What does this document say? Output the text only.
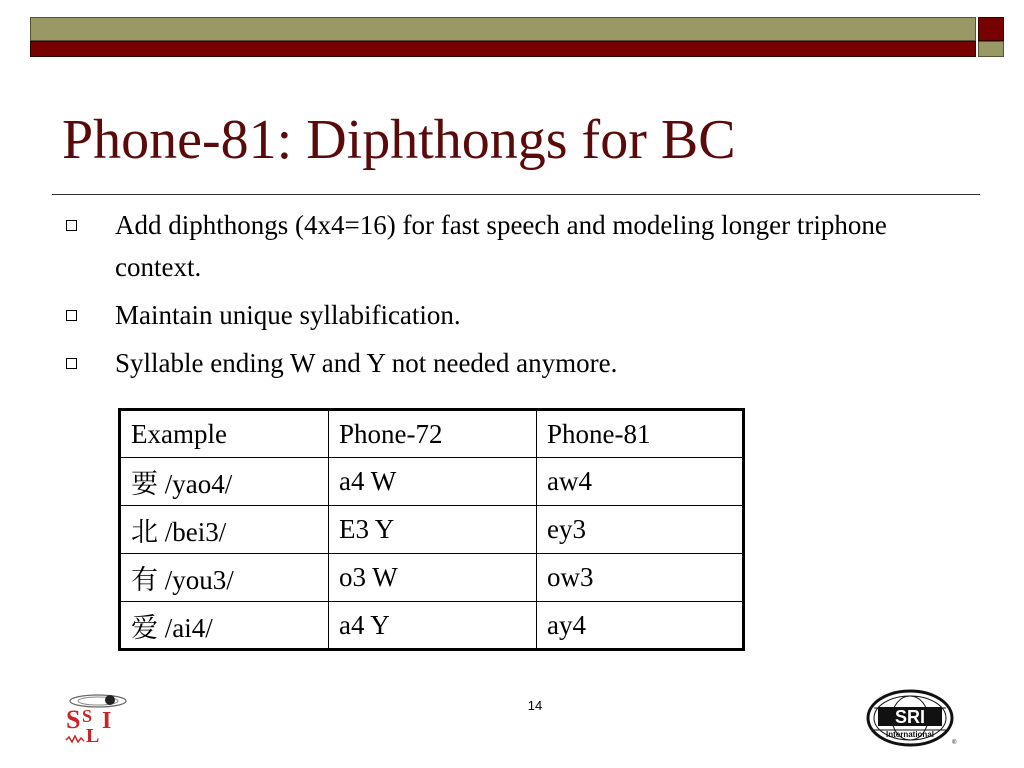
Phone-81: Diphthongs for BC
Add diphthongs (4x4=16) for fast speech and modeling longer triphone context.
Maintain unique syllabification.
Syllable ending W and Y not needed anymore.
Example	Phone-72	Phone-81
要 /yao4/	a4 W	aw4
北 /bei3/	E3 Y	ey3
有 /you3/	o3 W	ow3
爱 /ai4/	a4 Y	ay4
14
S S
L
I	SRI
International
®
